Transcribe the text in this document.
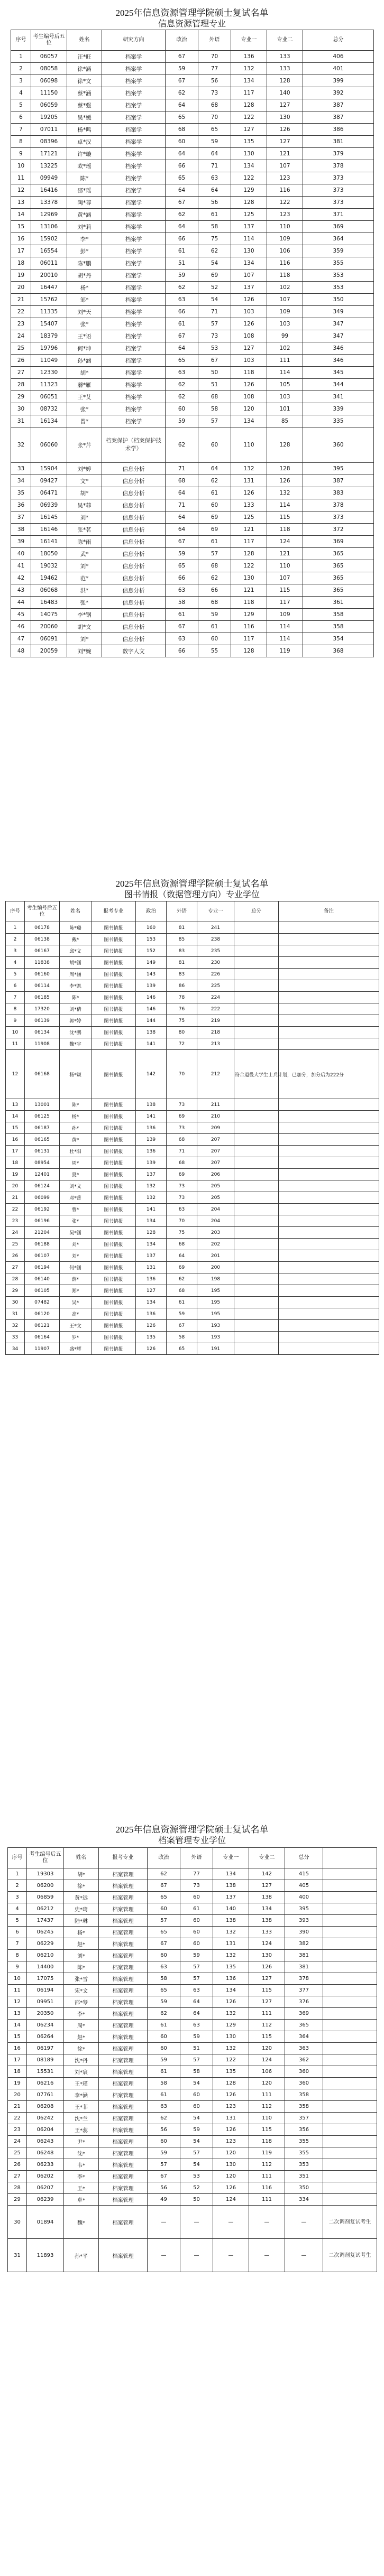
2025年信息资源管理学院硕士复试名单
信息资源管理专业
序号	考生编号后五位	姓名	研究方向	政治	外语	专业一	专业二	总分
1	06057	汪*旺	档案学	67	70	136	133	406
2	08058	徐*涵	档案学	59	77	132	133	401
3	06098	徐*文	档案学	67	56	134	128	399
4	11150	蔡*涵	档案学	62	73	117	140	392
5	06059	蔡*强	档案学	64	68	128	127	387
6	19205	吴*媛	档案学	65	70	122	130	387
7	07011	杨*鸣	档案学	68	65	127	126	386
8	08396	卓*汉	档案学	60	59	135	127	381
9	17121	许*璇	档案学	64	64	130	121	379
10	13225	欧*瑶	档案学	66	71	134	107	378
11	09949	陈*	档案学	65	63	122	123	373
12	16416	邵*瑶	档案学	64	64	129	116	373
13	13378	陶*尊	档案学	67	56	128	122	373
14	12969	黄*涵	档案学	62	61	125	123	371
15	13106	刘*莉	档案学	64	58	137	110	369
16	15902	李*	档案学	66	75	114	109	364
17	16554	彭*	档案学	61	62	130	106	359
18	06011	陈*鹏	档案学	51	54	134	116	355
19	20010	胡*丹	档案学	59	69	107	118	353
20	16447	杨*	档案学	62	52	137	102	353
21	15762	邹*	档案学	63	54	126	107	350
22	11335	刘*天	档案学	66	71	103	109	349
23	15407	张*	档案学	61	57	126	103	347
24	18379	王*语	档案学	67	73	108	99	347
25	19796	何*坤	档案学	64	53	127	102	346
26	11049	孙*涵	档案学	65	67	103	111	346
27	12330	胡*	档案学	63	50	118	114	345
28	11323	蘑*雁	档案学	62	51	126	105	344
29	06051	王*艾	档案学	62	68	108	103	341
30	08732	张*	档案学	60	58	120	101	339
31	16134	曾*	档案学	59	57	134	85	335
32	06060	张*芹	档案保护（档案保护技术学）	62	60	110	128	360
33	15904	刘*婷	信息分析	71	64	132	128	395
34	09427	文*	信息分析	68	62	131	126	387
35	06471	胡*	信息分析	64	61	126	132	383
36	06939	吴*菲	信息分析	71	60	133	114	378
37	16145	刘*	信息分析	64	69	125	115	373
38	16146	张*茗	信息分析	64	69	121	118	372
39	16141	陈*雨	信息分析	67	61	117	124	369
40	18050	武*	信息分析	59	57	128	121	365
41	19032	刘*	信息分析	65	68	122	110	365
42	19462	范*	信息分析	66	62	130	107	365
43	06068	洪*	信息分析	63	66	121	115	365
44	16483	张*	信息分析	58	68	118	117	361
45	14075	李*钢	信息分析	61	59	129	109	358
46	20060	胡*文	信息分析	67	61	116	114	358
47	06091	刘*	信息分析	63	60	117	114	354
48	20059	刘*婉	数字人文	66	55	128	119	368
2025年信息资源管理学院硕士复试名单
图书情报（数据管理方向）专业学位
序号	考生编号后五位	姓名	报考专业	政治	外语	专业一	总分	备注
1	06178	陈*璐	图书情报	160	81	241		
2	06138	戴*	图书情报	153	85	238		
3	06167	邱*文	图书情报	152	83	235		
4	11838	胡*涵	图书情报	149	81	230		
5	06160	周*涵	图书情报	143	83	226		
6	06114	李*凯	图书情报	139	86	225		
7	06185	陈*	图书情报	146	78	224		
8	17320	刘*倩	图书情报	146	76	222		
9	06139	郭*婷	图书情报	144	75	219		
10	06134	沈*鹏	图书情报	138	80	218		
11	11908	魏*宇	图书情报	141	72	213		
12	06168	杨*颖	图书情报	142	70	212	符合退役大学生士兵计划，已加分，加分后为222分	
13	13001	陈*	图书情报	138	73	211		
14	06125	杨*	图书情报	141	69	210		
15	06187	孙*	图书情报	136	73	209		
16	06165	黄*	图书情报	139	68	207		
17	06131	杜*阳	图书情报	136	71	207		
18	08954	周*	图书情报	139	68	207		
19	12401	夏*	图书情报	137	69	206		
20	06124	刘*文	图书情报	132	73	205		
21	06099	邓*蕾	图书情报	132	73	205		
22	06192	曹*	图书情报	141	63	204		
23	06196	张*	图书情报	134	70	204		
24	21204	吴*涵	图书情报	128	75	203		
25	06188	刘*	图书情报	134	68	202		
26	06107	刘*	图书情报	137	64	201		
27	06194	何*涵	图书情报	131	69	200		
28	06140	薛*	图书情报	136	62	198		
29	06105	郑*	图书情报	127	68	195		
30	07482	吴*	图书情报	134	61	195		
31	06120	高*	图书情报	136	59	195		
32	06121	王*文	图书情报	126	67	193		
33	06164	罗*	图书情报	135	58	193		
34	11907	盛*辉	图书情报	126	65	191		
2025年信息资源管理学院硕士复试名单
档案管理专业学位
序号	考生编号后五位	姓名	报考专业	政治	外语	专业一	专业二	总分	
1	19303	胡*	档案管理	62	77	134	142	415	
2	06200	徐*	档案管理	67	73	138	127	405	
3	06859	黄*远	档案管理	65	60	137	138	400	
4	06212	史*琦	档案管理	60	61	140	134	395	
5	17437	陆*琳	档案管理	57	60	138	138	393	
6	06245	杨*	档案管理	65	60	132	133	390	
7	06229	赵*	档案管理	67	60	131	124	382	
8	06210	刘*	档案管理	60	59	132	130	381	
9	14400	陈*	档案管理	63	57	135	126	381	
10	17075	张*雪	档案管理	58	57	136	127	378	
11	06194	宋*文	档案管理	65	63	134	115	377	
12	09951	邵*琴	档案管理	59	64	126	127	376	
13	20350	李*	档案管理	62	64	132	111	369	
14	06234	周*	档案管理	61	63	129	112	365	
15	06264	赵*	档案管理	60	59	130	115	364	
16	06197	徐*	档案管理	60	51	132	120	363	
17	08189	沈*丹	档案管理	59	57	122	124	362	
18	15531	刘*宸	档案管理	61	58	135	106	360	
19	06216	王*瑾	档案管理	58	54	128	120	360	
20	07761	李*涵	档案管理	61	60	126	111	358	
21	06208	王*菲	档案管理	63	60	123	112	358	
22	06242	沈*兰	档案管理	62	54	131	110	357	
23	06204	王*蕊	档案管理	56	59	126	115	356	
24	06243	尹*	档案管理	60	54	123	118	355	
25	06248	沈*	档案管理	59	57	120	119	355	
26	06233	韦*	档案管理	57	54	130	112	353	
27	06202	李*	档案管理	67	53	120	111	351	
28	06207	王*	档案管理	56	52	126	116	350	
29	06239	卓*	档案管理	49	50	124	111	334	
30	01894	魏*	档案管理	—	—	—	—	—	二次调剂复试考生
31	11893	孙*平	档案管理	—	—	—	—	—	二次调剂复试考生
